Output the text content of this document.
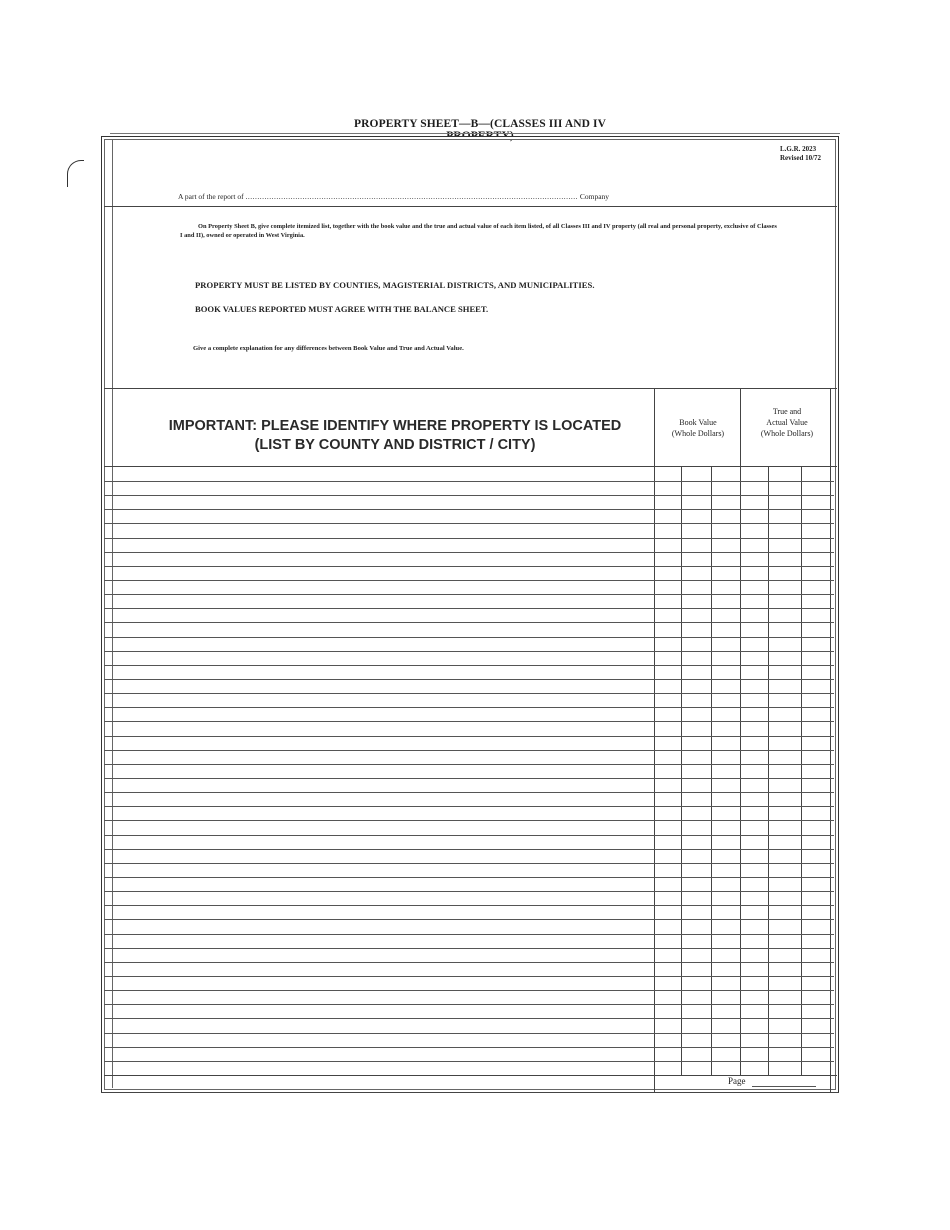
PROPERTY SHEET—B—(CLASSES III AND IV PROPERTY)
L.G.R. 2023
Revised 10/72
A part of the report of ............................................................................................................................................ Company
On Property Sheet B, give complete itemized list, together with the book value and the true and actual value of each item listed, of all Classes III and IV property (all real and personal property, exclusive of Classes I and II), owned or operated in West Virginia.
PROPERTY MUST BE LISTED BY COUNTIES, MAGISTERIAL DISTRICTS, AND MUNICIPALITIES.
BOOK VALUES REPORTED MUST AGREE WITH THE BALANCE SHEET.
Give a complete explanation for any differences between Book Value and True and Actual Value.
IMPORTANT: PLEASE IDENTIFY WHERE PROPERTY IS LOCATED
(LIST BY COUNTY AND DISTRICT / CITY)
Book Value
(Whole Dollars)
True and
Actual Value
(Whole Dollars)
Page
